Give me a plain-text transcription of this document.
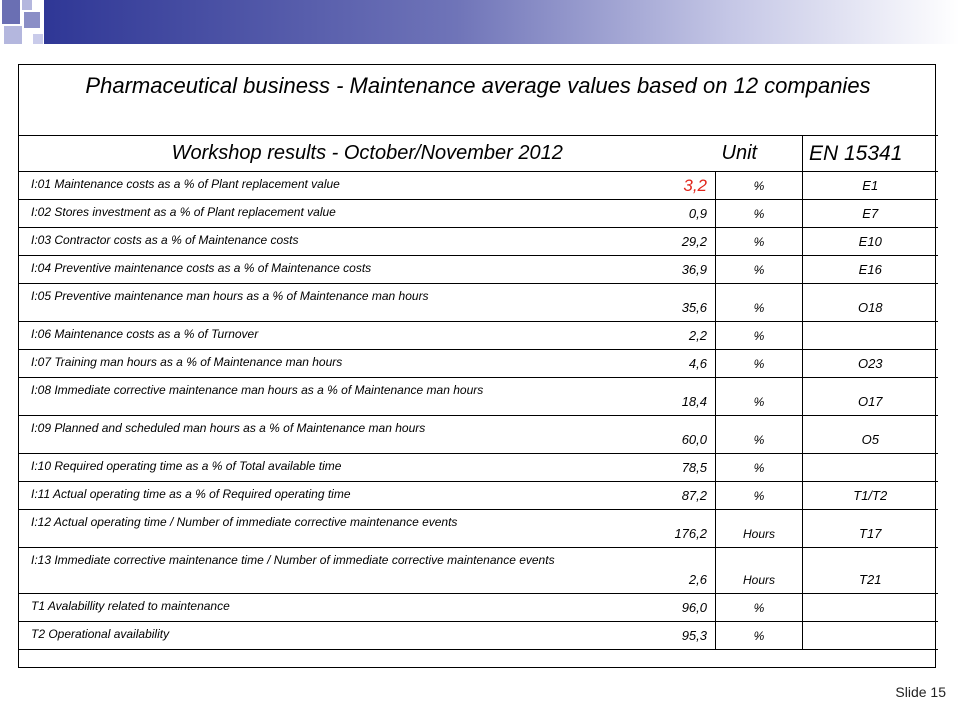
Pharmaceutical business - Maintenance average values based on 12 companies
Workshop results - October/November 2012		Unit	EN 15341
I:01 Maintenance costs as a % of Plant replacement value	3,2	%	E1
I:02 Stores investment as a % of Plant replacement value	0,9	%	E7
I:03 Contractor costs as a % of Maintenance costs	29,2	%	E10
I:04 Preventive maintenance costs as a % of Maintenance costs	36,9	%	E16
I:05 Preventive maintenance man hours as a % of Maintenance man hours	35,6	%	O18
I:06 Maintenance costs as a % of Turnover	2,2	%	
I:07 Training man hours as a % of Maintenance man hours	4,6	%	O23
I:08 Immediate corrective maintenance man hours as a % of Maintenance man hours	18,4	%	O17
I:09 Planned and scheduled man hours as a % of Maintenance man hours	60,0	%	O5
I:10 Required operating time as a % of Total available time	78,5	%	
I:11 Actual operating time as a % of Required operating time	87,2	%	T1/T2
I:12 Actual operating time / Number of immediate corrective maintenance events	176,2	Hours	T17
I:13 Immediate corrective maintenance time / Number of immediate corrective maintenance events	2,6	Hours	T21
T1 Avalabillity related to maintenance	96,0	%	
T2 Operational availability	95,3	%	
Slide 15
